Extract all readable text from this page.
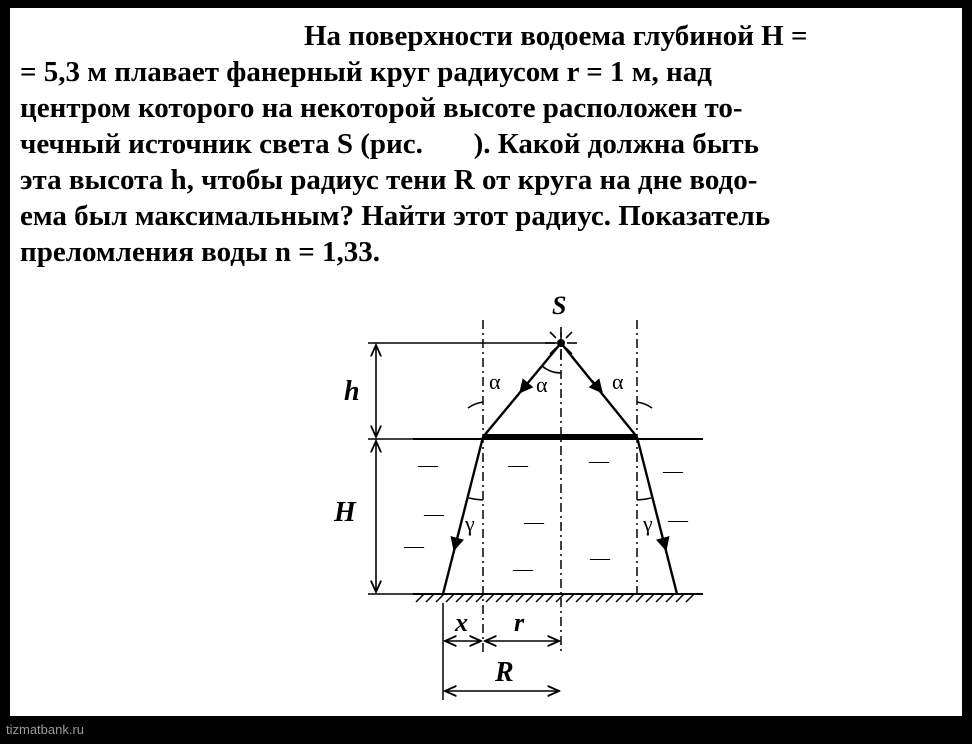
На поверхности водоема глубиной H =
= 5,3 м плавает фанерный круг радиусом r = 1 м, над
центром которого на некоторой высоте расположен то-
чечный источник света S (рис.       ). Какой должна быть
эта высота h, чтобы радиус тени R от круга на дне водо-
ема был максимальным? Найти этот радиус. Показатель
преломления воды n = 1,33.
S
α α	α
γ	γ
—	—	—	—
—	—	—
—
—
—
h
H
x r
R
tizmatbank.ru
